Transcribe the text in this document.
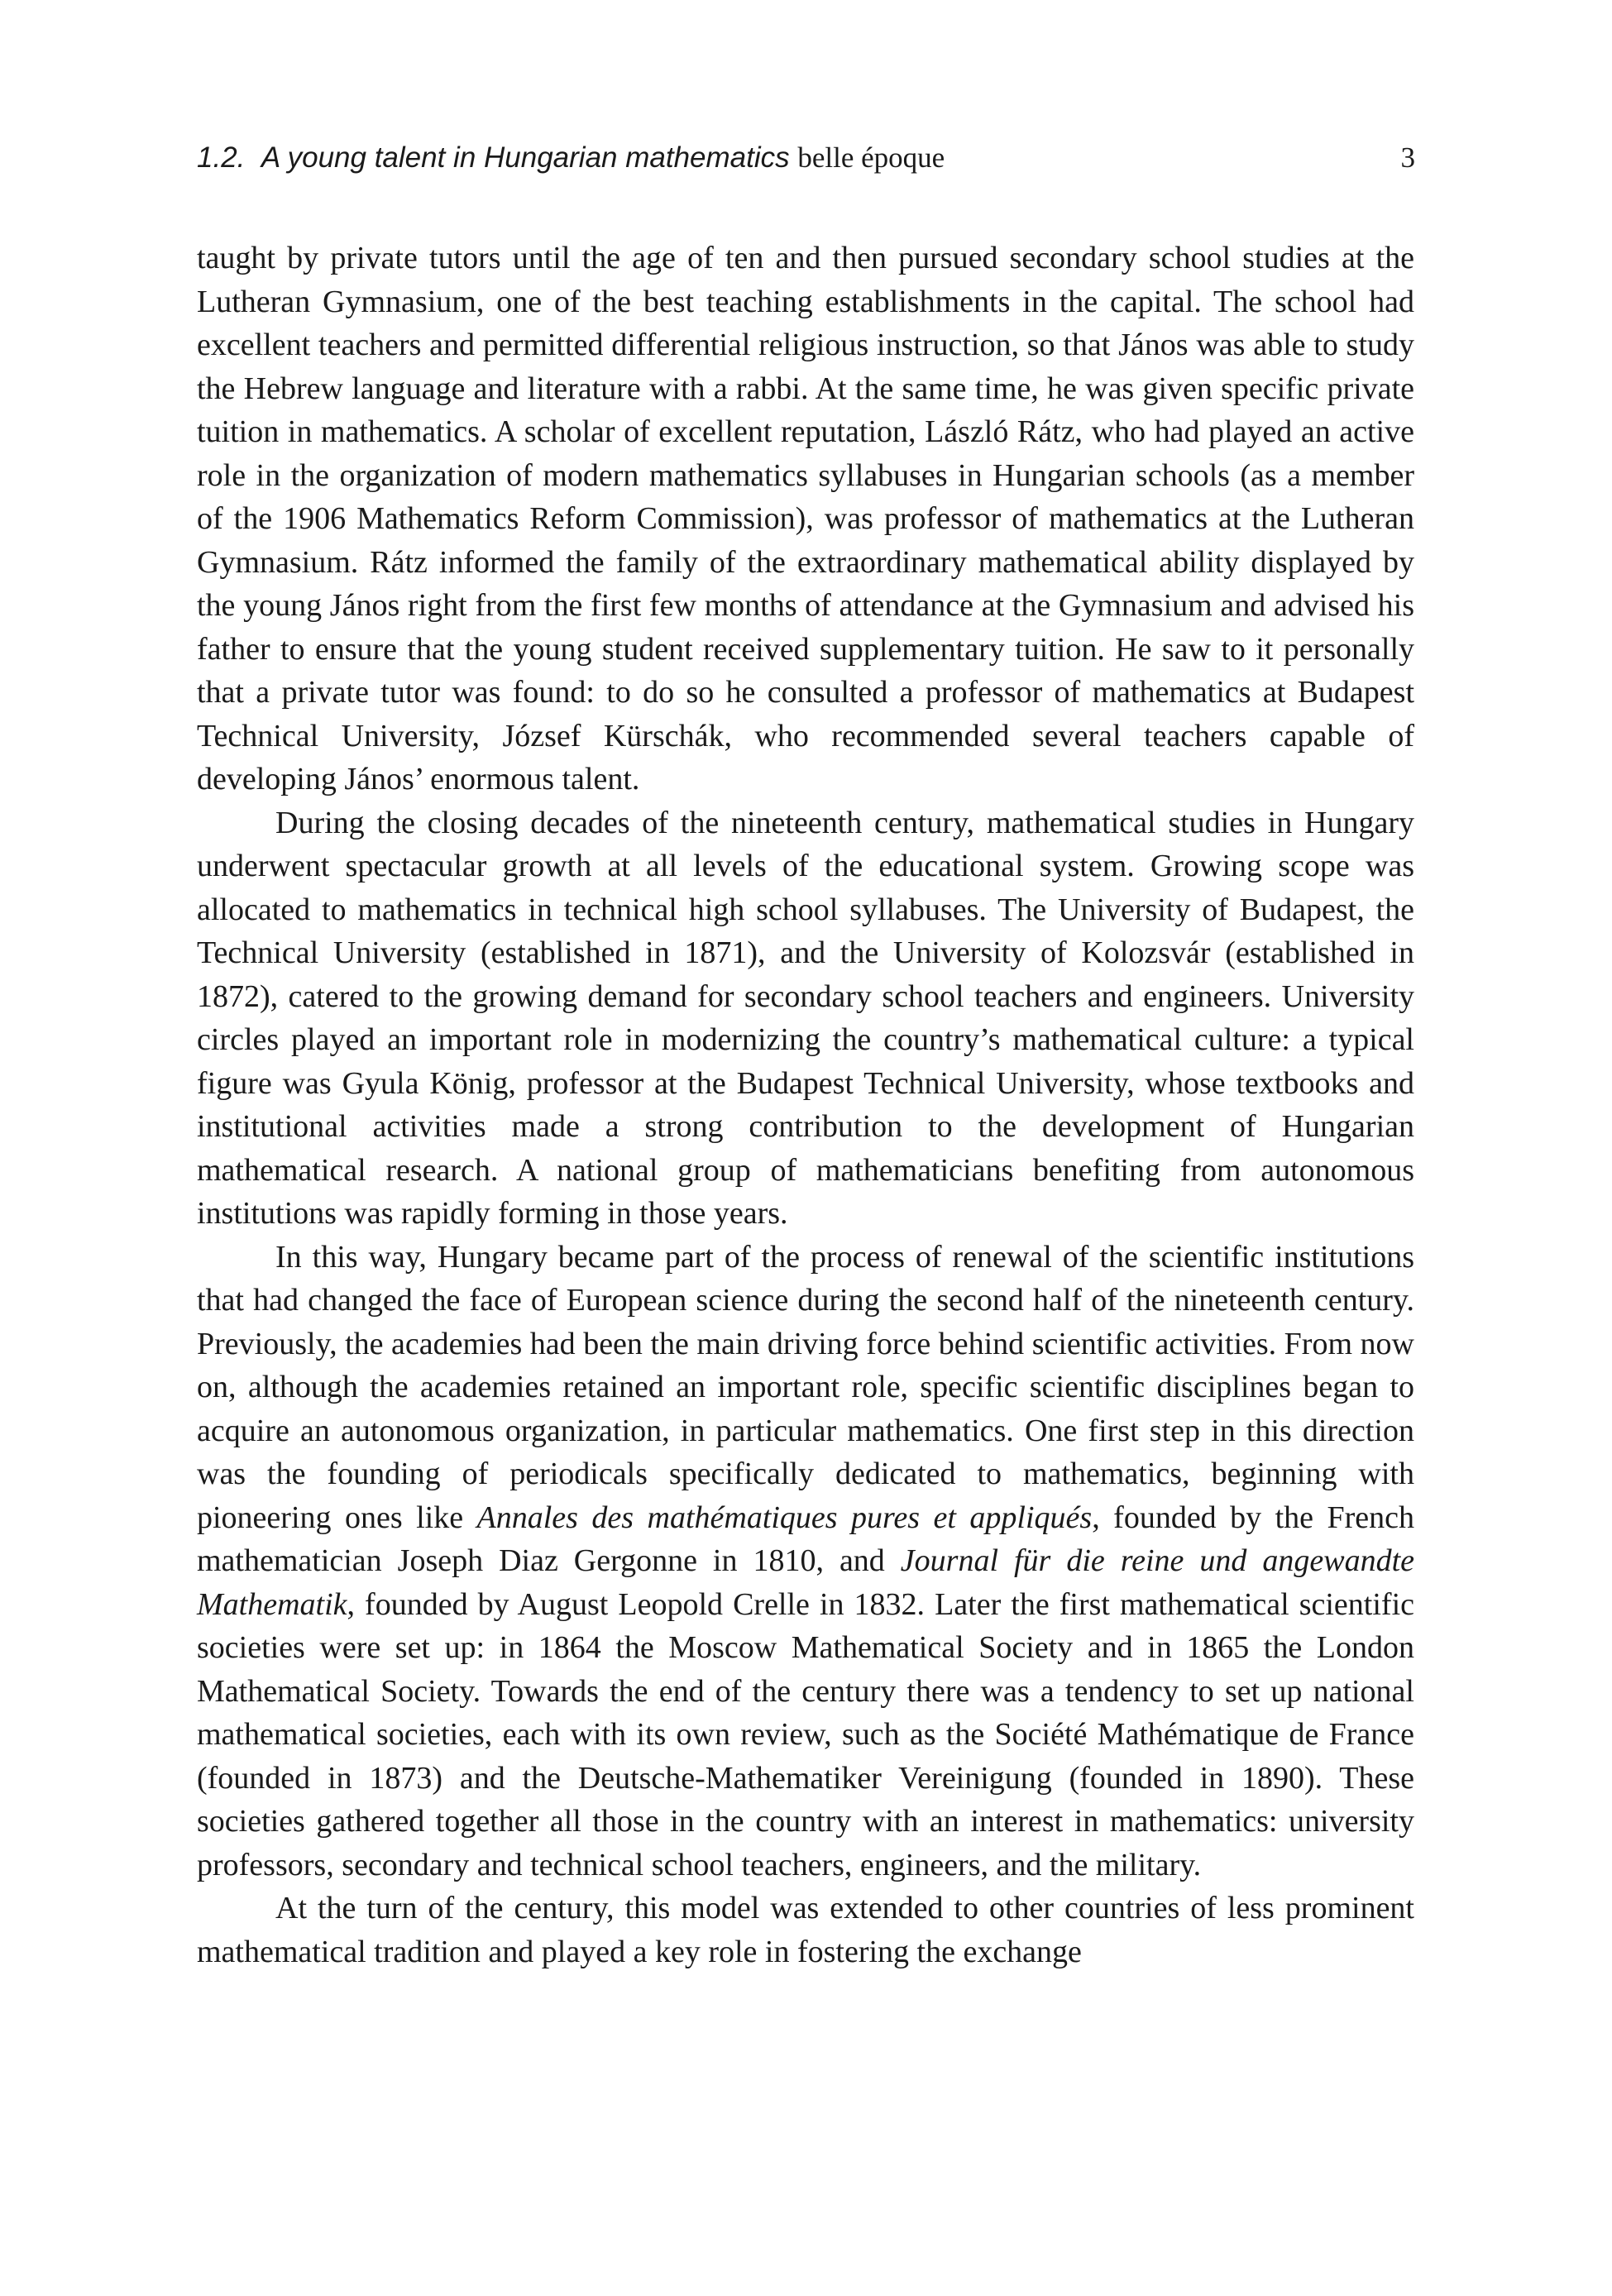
1.2. A young talent in Hungarian mathematics belle époque	3

taught by private tutors until the age of ten and then pursued secondary school studies at the Lutheran Gymnasium, one of the best teaching establishments in the capital. The school had excellent teachers and permitted differential religious instruction, so that János was able to study the Hebrew language and literature with a rabbi. At the same time, he was given specific private tuition in mathematics. A scholar of excellent reputation, László Rátz, who had played an active role in the organization of modern mathematics syllabuses in Hungarian schools (as a member of the 1906 Mathematics Reform Commission), was professor of mathematics at the Lutheran Gymnasium. Rátz informed the family of the extraordinary mathematical ability displayed by the young János right from the first few months of attendance at the Gymnasium and advised his father to ensure that the young student received supplementary tuition. He saw to it personally that a private tutor was found: to do so he consulted a professor of mathematics at Budapest Technical University, József Kürschák, who recommended several teachers capable of developing János’ enormous talent.

During the closing decades of the nineteenth century, mathematical studies in Hungary underwent spectacular growth at all levels of the educational system. Growing scope was allocated to mathematics in technical high school syllabuses. The University of Budapest, the Technical University (established in 1871), and the University of Kolozsvár (established in 1872), catered to the growing demand for secondary school teachers and engineers. University circles played an important role in modernizing the country’s mathematical culture: a typical figure was Gyula König, professor at the Budapest Technical University, whose textbooks and institutional activities made a strong contribution to the development of Hungarian mathematical research. A national group of mathematicians benefiting from autonomous institutions was rapidly forming in those years.

In this way, Hungary became part of the process of renewal of the scientific institutions that had changed the face of European science during the second half of the nineteenth century. Previously, the academies had been the main driving force behind scientific activities. From now on, although the academies retained an important role, specific scientific disciplines began to acquire an autonomous organization, in particular mathematics. One first step in this direction was the founding of periodicals specifically dedicated to mathematics, beginning with pioneering ones like Annales des mathématiques pures et appliqués, founded by the French mathematician Joseph Diaz Gergonne in 1810, and Journal für die reine und angewandte Mathematik, founded by August Leopold Crelle in 1832. Later the first mathematical scientific societies were set up: in 1864 the Moscow Mathematical Society and in 1865 the London Mathematical Society. Towards the end of the century there was a tendency to set up national mathematical societies, each with its own review, such as the Société Mathématique de France (founded in 1873) and the Deutsche-Mathematiker Vereinigung (founded in 1890). These societies gathered together all those in the country with an interest in mathematics: university professors, secondary and technical school teachers, engineers, and the military.

At the turn of the century, this model was extended to other countries of less prominent mathematical tradition and played a key role in fostering the exchange
